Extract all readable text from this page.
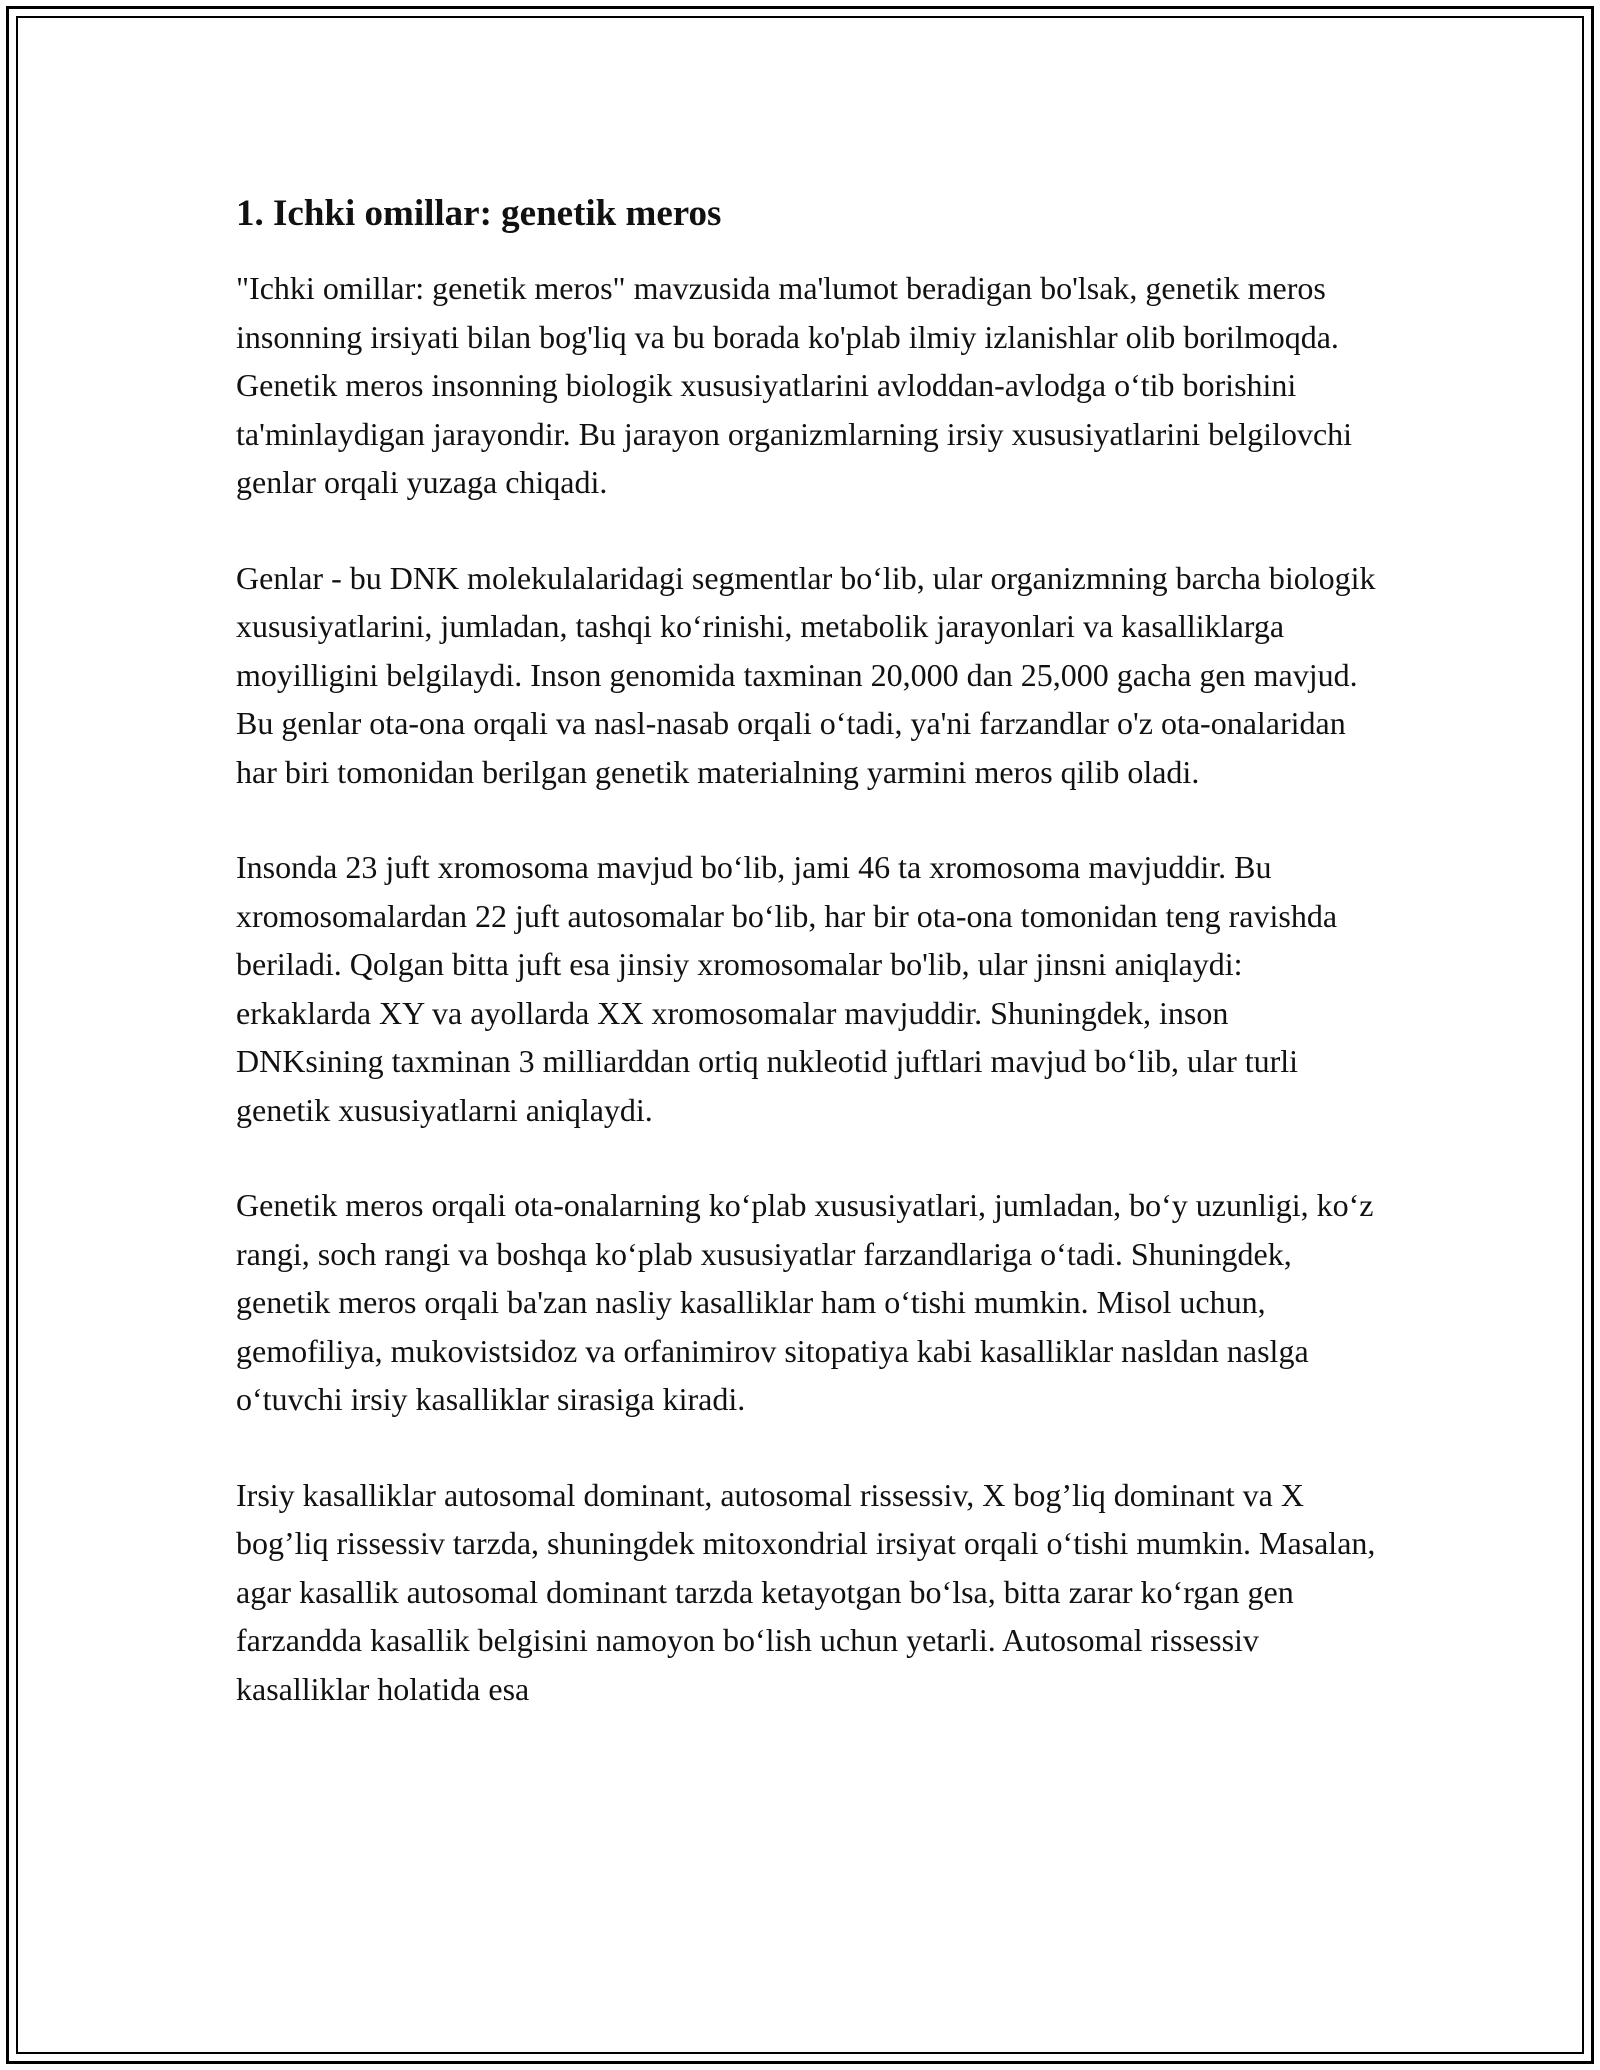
1. Ichki omillar: genetik meros

"Ichki omillar: genetik meros" mavzusida ma'lumot beradigan bo'lsak, genetik meros insonning irsiyati bilan bog'liq va bu borada ko'plab ilmiy izlanishlar olib borilmoqda. Genetik meros insonning biologik xususiyatlarini avloddan-avlodga oʻtib borishini ta'minlaydigan jarayondir. Bu jarayon organizmlarning irsiy xususiyatlarini belgilovchi genlar orqali yuzaga chiqadi.

Genlar - bu DNK molekulalaridagi segmentlar boʻlib, ular organizmning barcha biologik xususiyatlarini, jumladan, tashqi koʻrinishi, metabolik jarayonlari va kasalliklarga moyilligini belgilaydi. Inson genomida taxminan 20,000 dan 25,000 gacha gen mavjud. Bu genlar ota-ona orqali va nasl-nasab orqali oʻtadi, ya'ni farzandlar o'z ota-onalaridan har biri tomonidan berilgan genetik materialning yarmini meros qilib oladi.

Insonda 23 juft xromosoma mavjud boʻlib, jami 46 ta xromosoma mavjuddir. Bu xromosomalardan 22 juft autosomalar boʻlib, har bir ota-ona tomonidan teng ravishda beriladi. Qolgan bitta juft esa jinsiy xromosomalar bo'lib, ular jinsni aniqlaydi: erkaklarda XY va ayollarda XX xromosomalar mavjuddir. Shuningdek, inson DNKsining taxminan 3 milliarddan ortiq nukleotid juftlari mavjud boʻlib, ular turli genetik xususiyatlarni aniqlaydi.

Genetik meros orqali ota-onalarning koʻplab xususiyatlari, jumladan, boʻy uzunligi, koʻz rangi, soch rangi va boshqa koʻplab xususiyatlar farzandlariga oʻtadi. Shuningdek, genetik meros orqali ba'zan nasliy kasalliklar ham oʻtishi mumkin. Misol uchun, gemofiliya, mukovistsidoz va orfanimirov sitopatiya kabi kasalliklar nasldan naslga oʻtuvchi irsiy kasalliklar sirasiga kiradi.

Irsiy kasalliklar autosomal dominant, autosomal rissessiv, X bog’liq dominant va X bog’liq rissessiv tarzda, shuningdek mitoxondrial irsiyat orqali oʻtishi mumkin. Masalan, agar kasallik autosomal dominant tarzda ketayotgan boʻlsa, bitta zarar koʻrgan gen farzandda kasallik belgisini namoyon boʻlish uchun yetarli. Autosomal rissessiv kasalliklar holatida esa
